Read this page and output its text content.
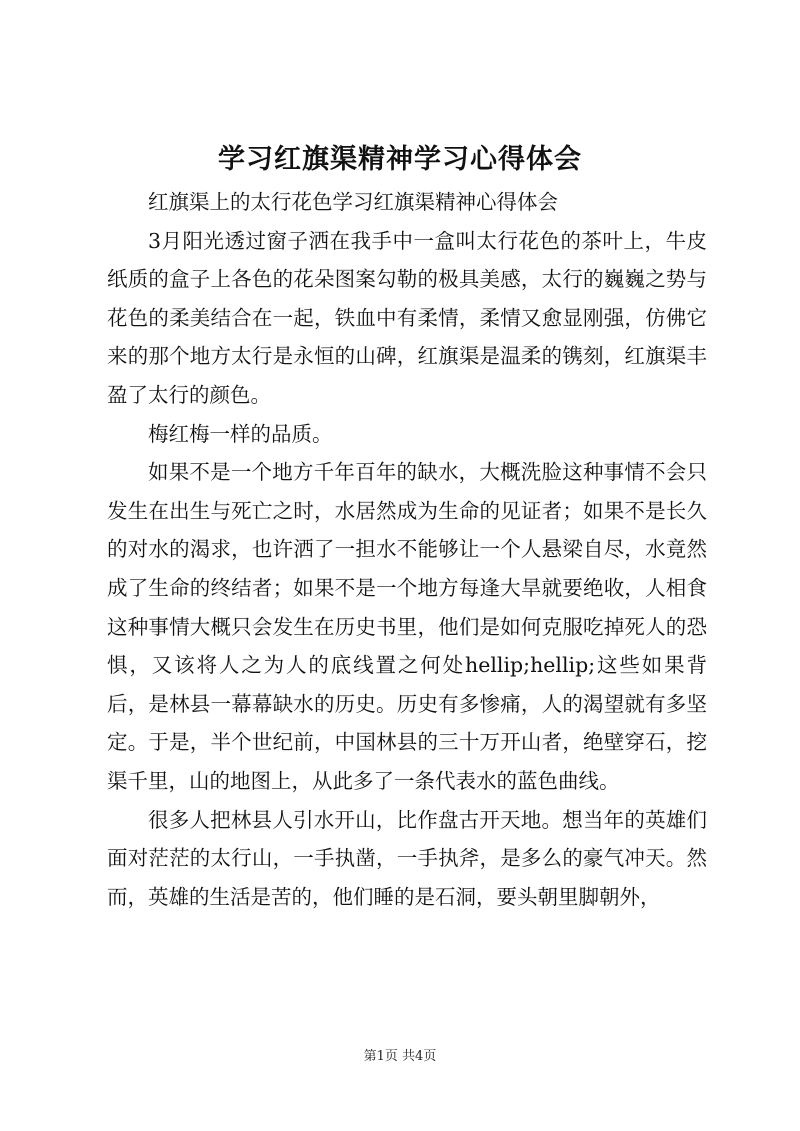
学习红旗渠精神学习心得体会

红旗渠上的太行花色学习红旗渠精神心得体会

3月阳光透过窗子洒在我手中一盒叫太行花色的茶叶上，牛皮纸质的盒子上各色的花朵图案勾勒的极具美感，太行的巍巍之势与花色的柔美结合在一起，铁血中有柔情，柔情又愈显刚强，仿佛它来的那个地方太行是永恒的山碑，红旗渠是温柔的镌刻，红旗渠丰盈了太行的颜色。

梅红梅一样的品质。

如果不是一个地方千年百年的缺水，大概洗脸这种事情不会只发生在出生与死亡之时，水居然成为生命的见证者；如果不是长久的对水的渴求，也许洒了一担水不能够让一个人悬梁自尽，水竟然成了生命的终结者；如果不是一个地方每逢大旱就要绝收，人相食这种事情大概只会发生在历史书里，他们是如何克服吃掉死人的恐惧，又该将人之为人的底线置之何处hellip;hellip;这些如果背后，是林县一幕幕缺水的历史。历史有多惨痛，人的渴望就有多坚定。于是，半个世纪前，中国林县的三十万开山者，绝壁穿石，挖渠千里，山的地图上，从此多了一条代表水的蓝色曲线。

很多人把林县人引水开山，比作盘古开天地。想当年的英雄们面对茫茫的太行山，一手执凿，一手执斧，是多么的豪气冲天。然而，英雄的生活是苦的，他们睡的是石洞，要头朝里脚朝外，

第1页 共4页
